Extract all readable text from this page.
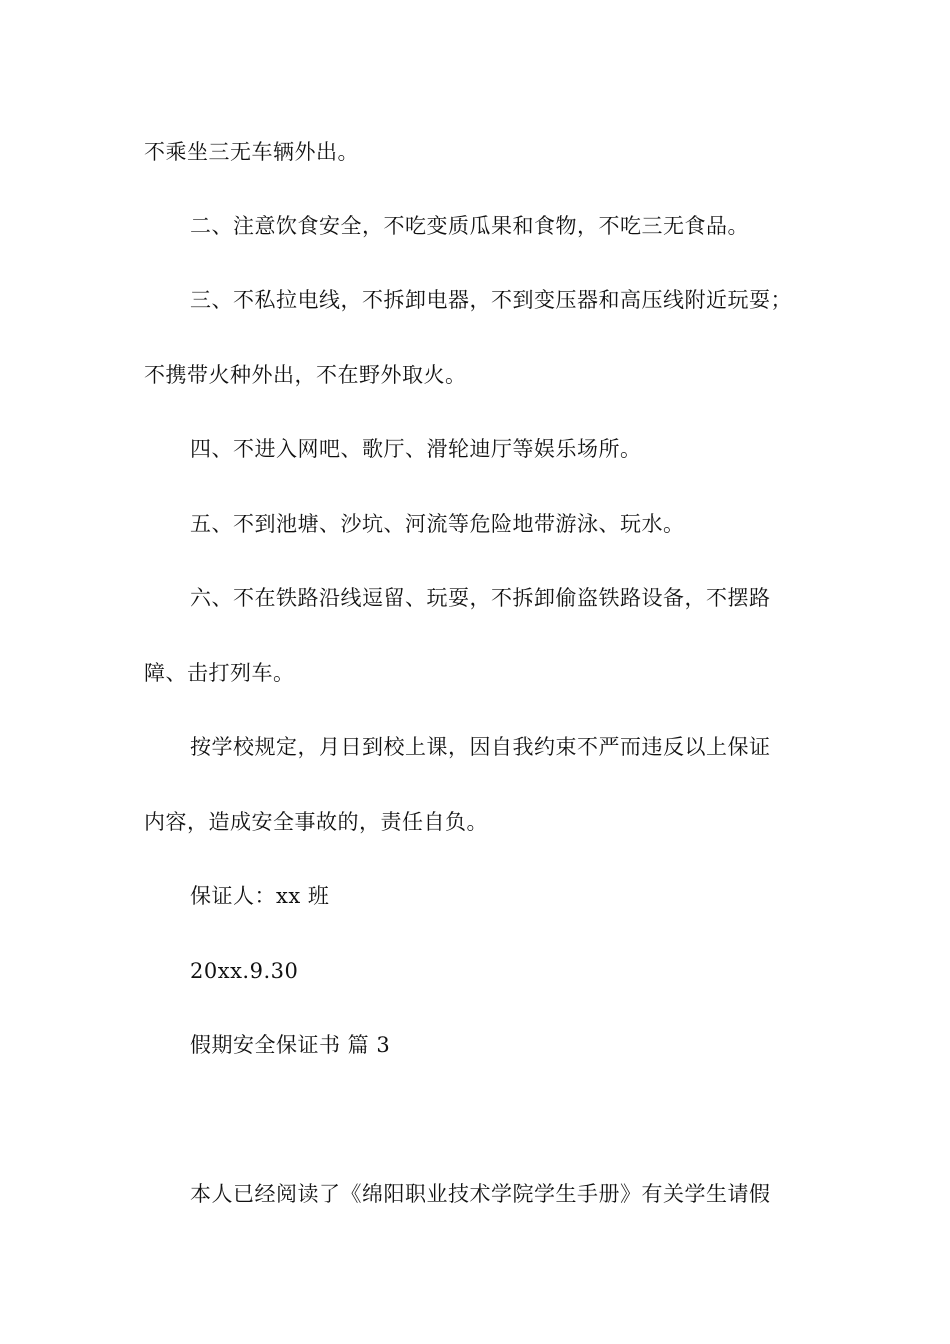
不乘坐三无车辆外出。
二、注意饮食安全，不吃变质瓜果和食物，不吃三无食品。
三、不私拉电线，不拆卸电器，不到变压器和高压线附近玩耍；
不携带火种外出，不在野外取火。
四、不进入网吧、歌厅、滑轮迪厅等娱乐场所。
五、不到池塘、沙坑、河流等危险地带游泳、玩水。
六、不在铁路沿线逗留、玩耍，不拆卸偷盗铁路设备，不摆路
障、击打列车。
按学校规定，月日到校上课，因自我约束不严而违反以上保证
内容，造成安全事故的，责任自负。
保证人：xx 班
20xx.9.30
假期安全保证书 篇 3
本人已经阅读了《绵阳职业技术学院学生手册》有关学生请假
